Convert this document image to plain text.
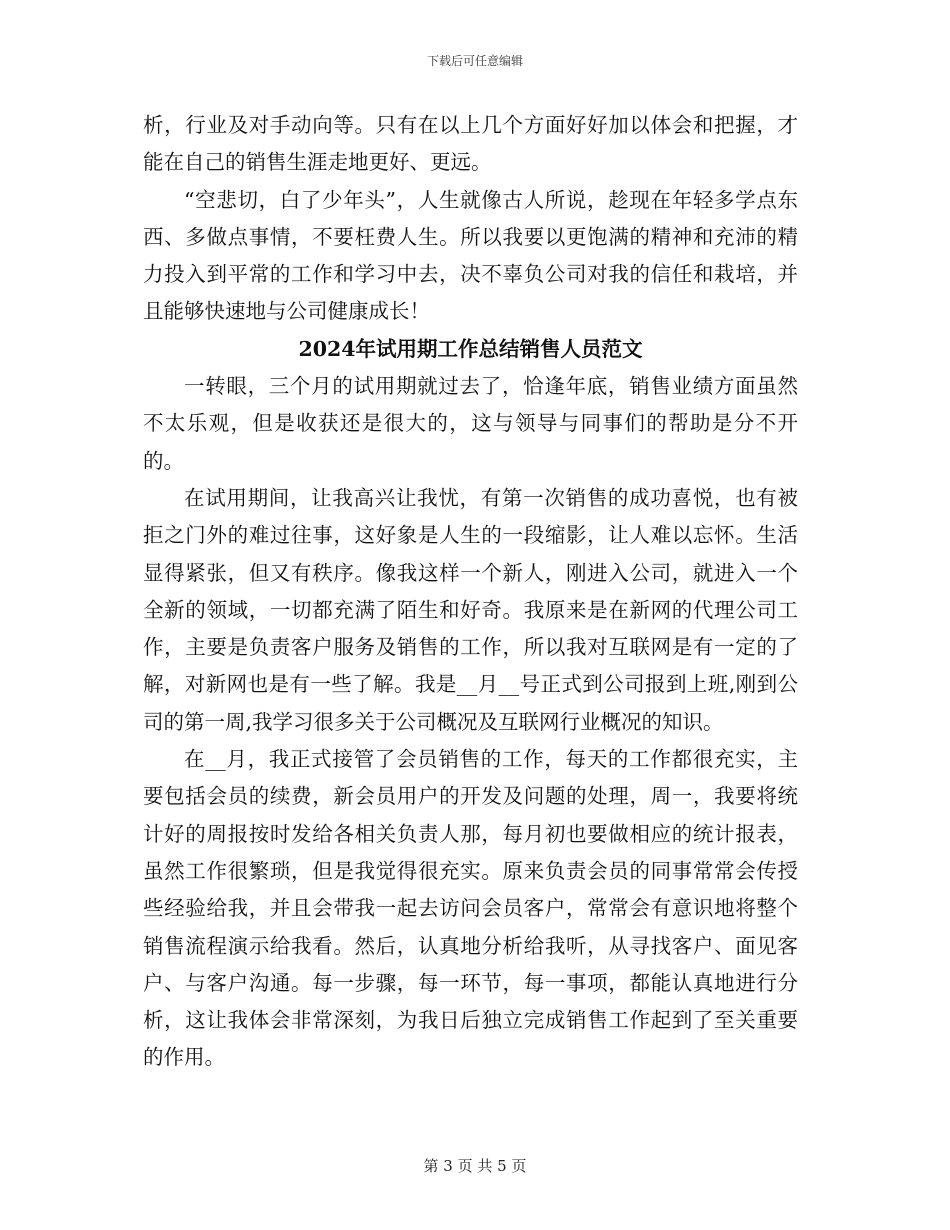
下载后可任意编辑

析，行业及对手动向等。只有在以上几个方面好好加以体会和把握，才能在自己的销售生涯走地更好、更远。

“空悲切，白了少年头”，人生就像古人所说，趁现在年轻多学点东西、多做点事情，不要枉费人生。所以我要以更饱满的精神和充沛的精力投入到平常的工作和学习中去，决不辜负公司对我的信任和栽培，并且能够快速地与公司健康成长！

2024年试用期工作总结销售人员范文

一转眼，三个月的试用期就过去了，恰逢年底，销售业绩方面虽然不太乐观，但是收获还是很大的，这与领导与同事们的帮助是分不开的。

在试用期间，让我高兴让我忧，有第一次销售的成功喜悦，也有被拒之门外的难过往事，这好象是人生的一段缩影，让人难以忘怀。生活显得紧张，但又有秩序。像我这样一个新人，刚进入公司，就进入一个全新的领域，一切都充满了陌生和好奇。我原来是在新网的代理公司工作，主要是负责客户服务及销售的工作，所以我对互联网是有一定的了解，对新网也是有一些了解。我是__月__号正式到公司报到上班,刚到公司的第一周,我学习很多关于公司概况及互联网行业概况的知识。

在__月，我正式接管了会员销售的工作，每天的工作都很充实，主要包括会员的续费，新会员用户的开发及问题的处理，周一，我要将统计好的周报按时发给各相关负责人那，每月初也要做相应的统计报表，虽然工作很繁琐，但是我觉得很充实。原来负责会员的同事常常会传授些经验给我，并且会带我一起去访问会员客户，常常会有意识地将整个销售流程演示给我看。然后，认真地分析给我听，从寻找客户、面见客户、与客户沟通。每一步骤，每一环节，每一事项，都能认真地进行分析，这让我体会非常深刻，为我日后独立完成销售工作起到了至关重要的作用。

第 3 页 共 5 页
